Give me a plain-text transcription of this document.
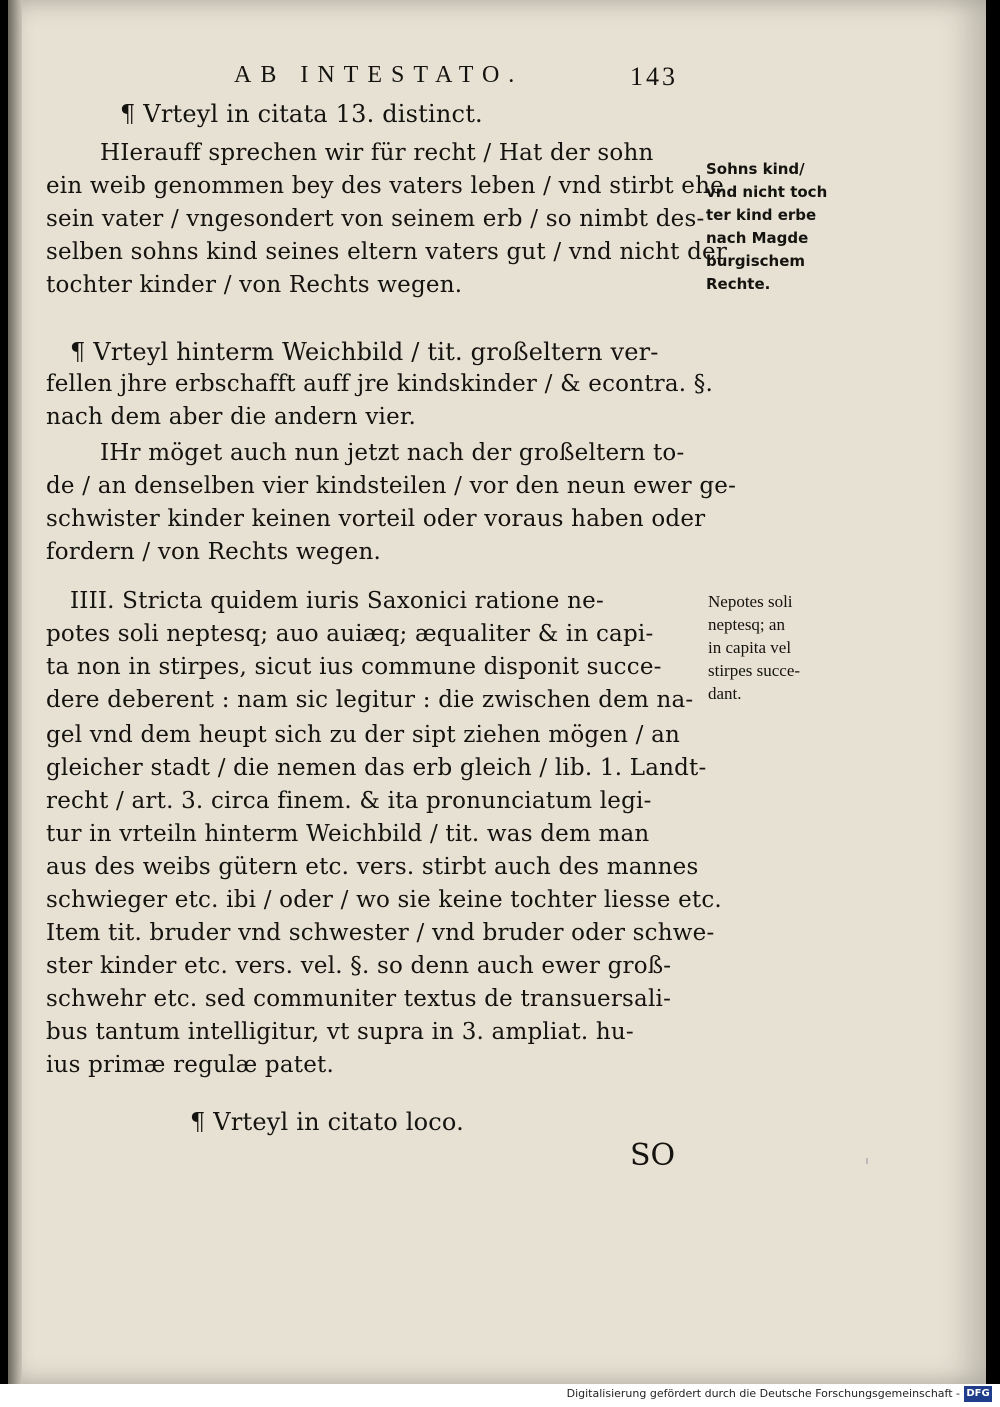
AB INTESTATO.	143

¶ Vrteyl in citata 13. distinct.

HIerauff sprechen wir für recht / Hat der sohn

ein weib genommen bey des vaters leben / vnd stirbt ehe

sein vater / vngesondert von seinem erb / so nimbt des-

selben sohns kind seines eltern vaters gut / vnd nicht der

tochter kinder / von Rechts wegen.

¶ Vrteyl hinterm Weichbild / tit. großeltern ver-

fellen jhre erbschafft auff jre kindskinder / & econtra. §.

nach dem aber die andern vier.

IHr möget auch nun jetzt nach der großeltern to-

de / an denselben vier kindsteilen / vor den neun ewer ge-

schwister kinder keinen vorteil oder voraus haben oder

fordern / von Rechts wegen.

IIII. Stricta quidem iuris Saxonici ratione ne-

potes soli neptesq; auo auiæq; æqualiter & in capi-

ta non in stirpes, sicut ius commune disponit succe-

dere deberent : nam sic legitur : die zwischen dem na-

gel vnd dem heupt sich zu der sipt ziehen mögen / an

gleicher stadt / die nemen das erb gleich / lib. 1. Landt-

recht / art. 3. circa finem. & ita pronunciatum legi-

tur in vrteiln hinterm Weichbild / tit. was dem man

aus des weibs gütern etc. vers. stirbt auch des mannes

schwieger etc. ibi / oder / wo sie keine tochter liesse etc.

Item tit. bruder vnd schwester / vnd bruder oder schwe-

ster kinder etc. vers. vel. §. so denn auch ewer groß-

schwehr etc. sed communiter textus de transuersali-

bus tantum intelligitur, vt supra in 3. ampliat. hu-

ius primæ regulæ patet.

¶ Vrteyl in citato loco.

SO

Sohns kind/

vnd nicht toch

ter kind erbe

nach Magde

burgischem

Rechte.

Nepotes soli

neptesq; an

in capita vel

stirpes succe-

dant.

Digitalisierung gefördert durch die Deutsche Forschungsgemeinschaft - DFG
